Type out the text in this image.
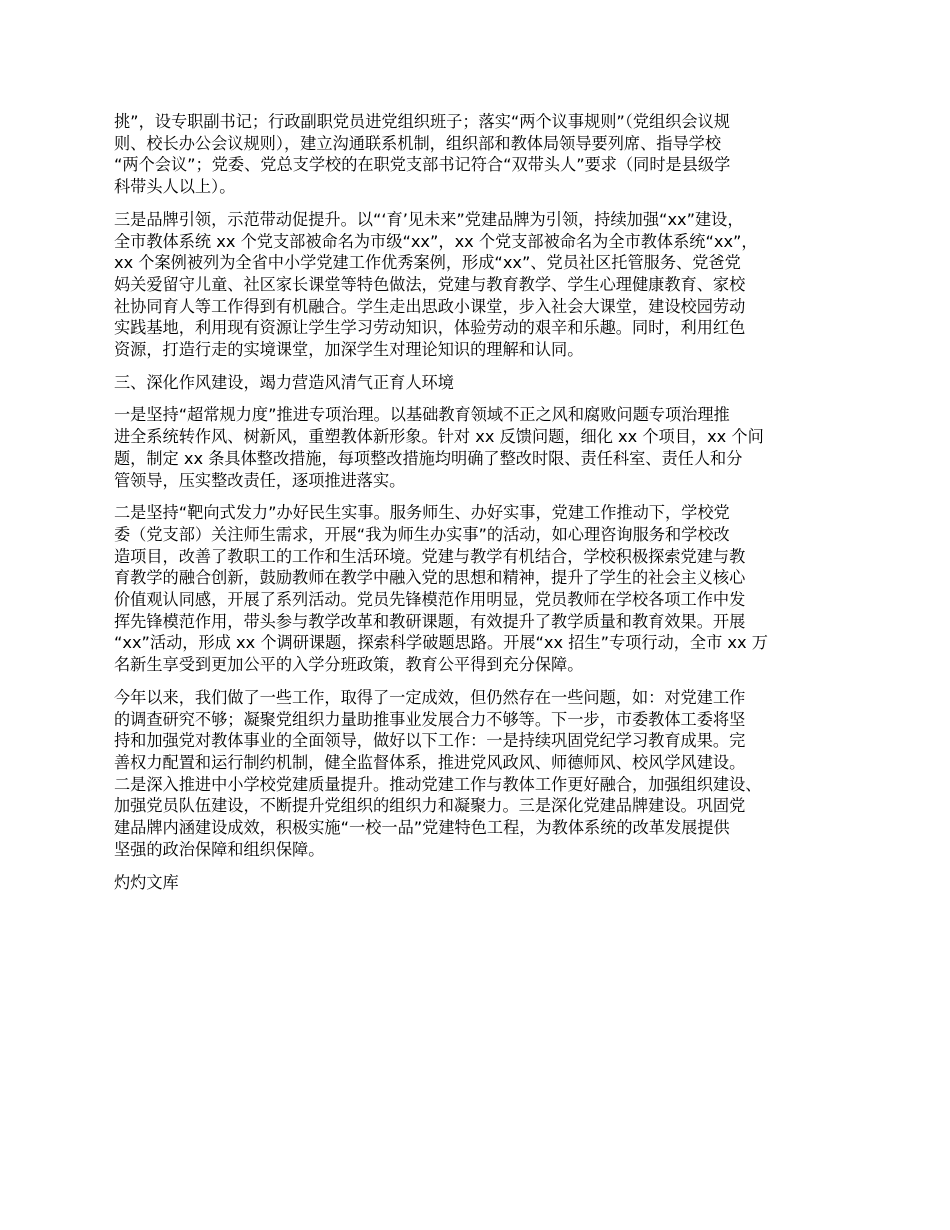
挑”，设专职副书记；行政副职党员进党组织班子；落实“两个议事规则”（党组织会议规
则、校长办公会议规则），建立沟通联系机制，组织部和教体局领导要列席、指导学校
“两个会议”；党委、党总支学校的在职党支部书记符合“双带头人”要求（同时是县级学
科带头人以上）。

三是品牌引领，示范带动促提升。以“‘育’见未来”党建品牌为引领，持续加强“xx”建设，
全市教体系统 xx 个党支部被命名为市级“xx”，xx 个党支部被命名为全市教体系统“xx”，
xx 个案例被列为全省中小学党建工作优秀案例，形成“xx”、党员社区托管服务、党爸党
妈关爱留守儿童、社区家长课堂等特色做法，党建与教育教学、学生心理健康教育、家校
社协同育人等工作得到有机融合。学生走出思政小课堂，步入社会大课堂，建设校园劳动
实践基地，利用现有资源让学生学习劳动知识，体验劳动的艰辛和乐趣。同时，利用红色
资源，打造行走的实境课堂，加深学生对理论知识的理解和认同。

三、深化作风建设，竭力营造风清气正育人环境

一是坚持“超常规力度”推进专项治理。以基础教育领域不正之风和腐败问题专项治理推
进全系统转作风、树新风，重塑教体新形象。针对 xx 反馈问题，细化 xx 个项目，xx 个问
题，制定 xx 条具体整改措施，每项整改措施均明确了整改时限、责任科室、责任人和分
管领导，压实整改责任，逐项推进落实。

二是坚持“靶向式发力”办好民生实事。服务师生、办好实事，党建工作推动下，学校党
委（党支部）关注师生需求，开展“我为师生办实事”的活动，如心理咨询服务和学校改
造项目，改善了教职工的工作和生活环境。党建与教学有机结合，学校积极探索党建与教
育教学的融合创新，鼓励教师在教学中融入党的思想和精神，提升了学生的社会主义核心
价值观认同感，开展了系列活动。党员先锋模范作用明显，党员教师在学校各项工作中发
挥先锋模范作用，带头参与教学改革和教研课题，有效提升了教学质量和教育效果。开展
“xx”活动，形成 xx 个调研课题，探索科学破题思路。开展“xx 招生”专项行动，全市 xx 万
名新生享受到更加公平的入学分班政策，教育公平得到充分保障。

今年以来，我们做了一些工作，取得了一定成效，但仍然存在一些问题，如：对党建工作
的调查研究不够；凝聚党组织力量助推事业发展合力不够等。下一步，市委教体工委将坚
持和加强党对教体事业的全面领导，做好以下工作：一是持续巩固党纪学习教育成果。完
善权力配置和运行制约机制，健全监督体系，推进党风政风、师德师风、校风学风建设。
二是深入推进中小学校党建质量提升。推动党建工作与教体工作更好融合，加强组织建设、
加强党员队伍建设，不断提升党组织的组织力和凝聚力。三是深化党建品牌建设。巩固党
建品牌内涵建设成效，积极实施“一校一品”党建特色工程，为教体系统的改革发展提供
坚强的政治保障和组织保障。

灼灼文库
